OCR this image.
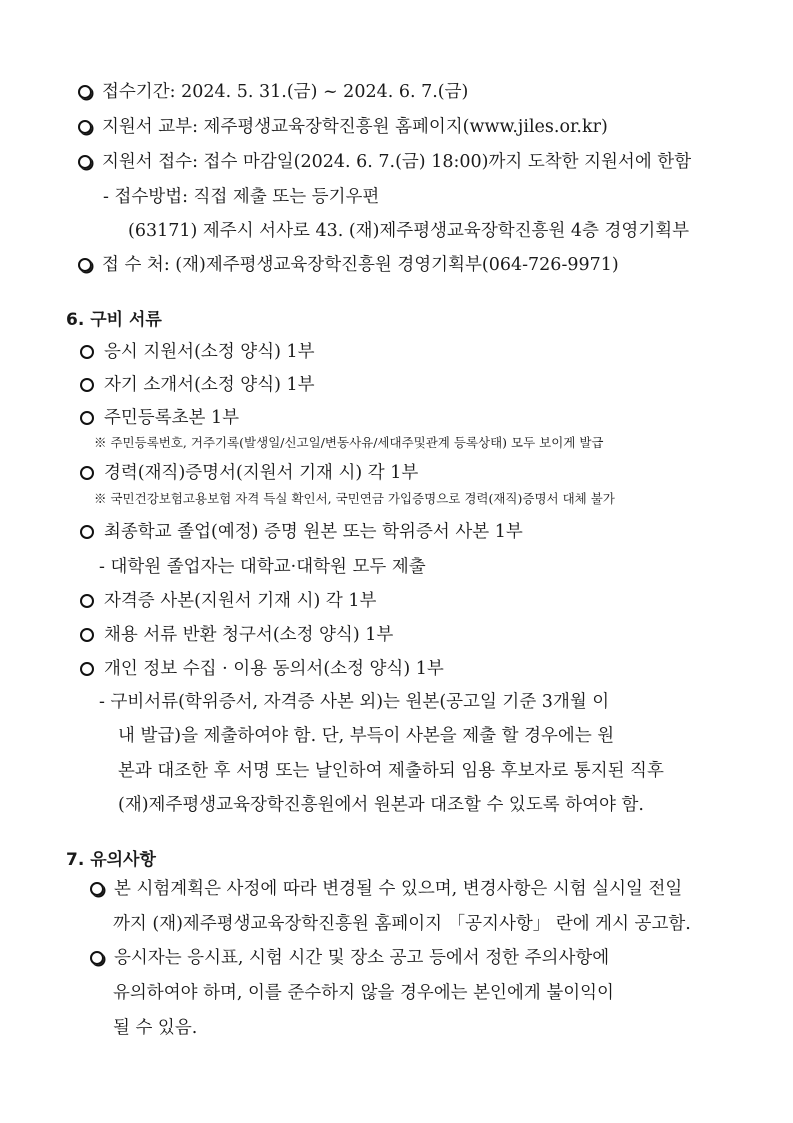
접수기간: 2024. 5. 31.(금) ~ 2024. 6. 7.(금)
지원서 교부: 제주평생교육장학진흥원 홈페이지(www.jiles.or.kr)
지원서 접수: 접수 마감일(2024. 6. 7.(금) 18:00)까지 도착한 지원서에 한함
- 접수방법: 직접 제출 또는 등기우편
(63171) 제주시 서사로 43. (재)제주평생교육장학진흥원 4층 경영기획부
접 수 처: (재)제주평생교육장학진흥원 경영기획부(064-726-9971)
6. 구비 서류
응시 지원서(소정 양식) 1부
자기 소개서(소정 양식) 1부
주민등록초본 1부
※ 주민등록번호, 거주기록(발생일/신고일/변동사유/세대주및관계 등록상태) 모두 보이게 발급
경력(재직)증명서(지원서 기재 시) 각 1부
※ 국민건강보험고용보험 자격 득실 확인서, 국민연금 가입증명으로 경력(재직)증명서 대체 불가
최종학교 졸업(예정) 증명 원본 또는 학위증서 사본 1부
- 대학원 졸업자는 대학교·대학원 모두 제출
자격증 사본(지원서 기재 시) 각 1부
채용 서류 반환 청구서(소정 양식) 1부
개인 정보 수집 · 이용 동의서(소정 양식) 1부
- 구비서류(학위증서, 자격증 사본 외)는 원본(공고일 기준 3개월 이
내 발급)을 제출하여야 함. 단, 부득이 사본을 제출 할 경우에는 원
본과 대조한 후 서명 또는 날인하여 제출하되 임용 후보자로 통지된 직후
(재)제주평생교육장학진흥원에서 원본과 대조할 수 있도록 하여야 함.
7. 유의사항
본 시험계획은 사정에 따라 변경될 수 있으며, 변경사항은 시험 실시일 전일
까지 (재)제주평생교육장학진흥원 홈페이지 「공지사항」 란에 게시 공고함.
응시자는 응시표, 시험 시간 및 장소 공고 등에서 정한 주의사항에
유의하여야 하며, 이를 준수하지 않을 경우에는 본인에게 불이익이
될 수 있음.
